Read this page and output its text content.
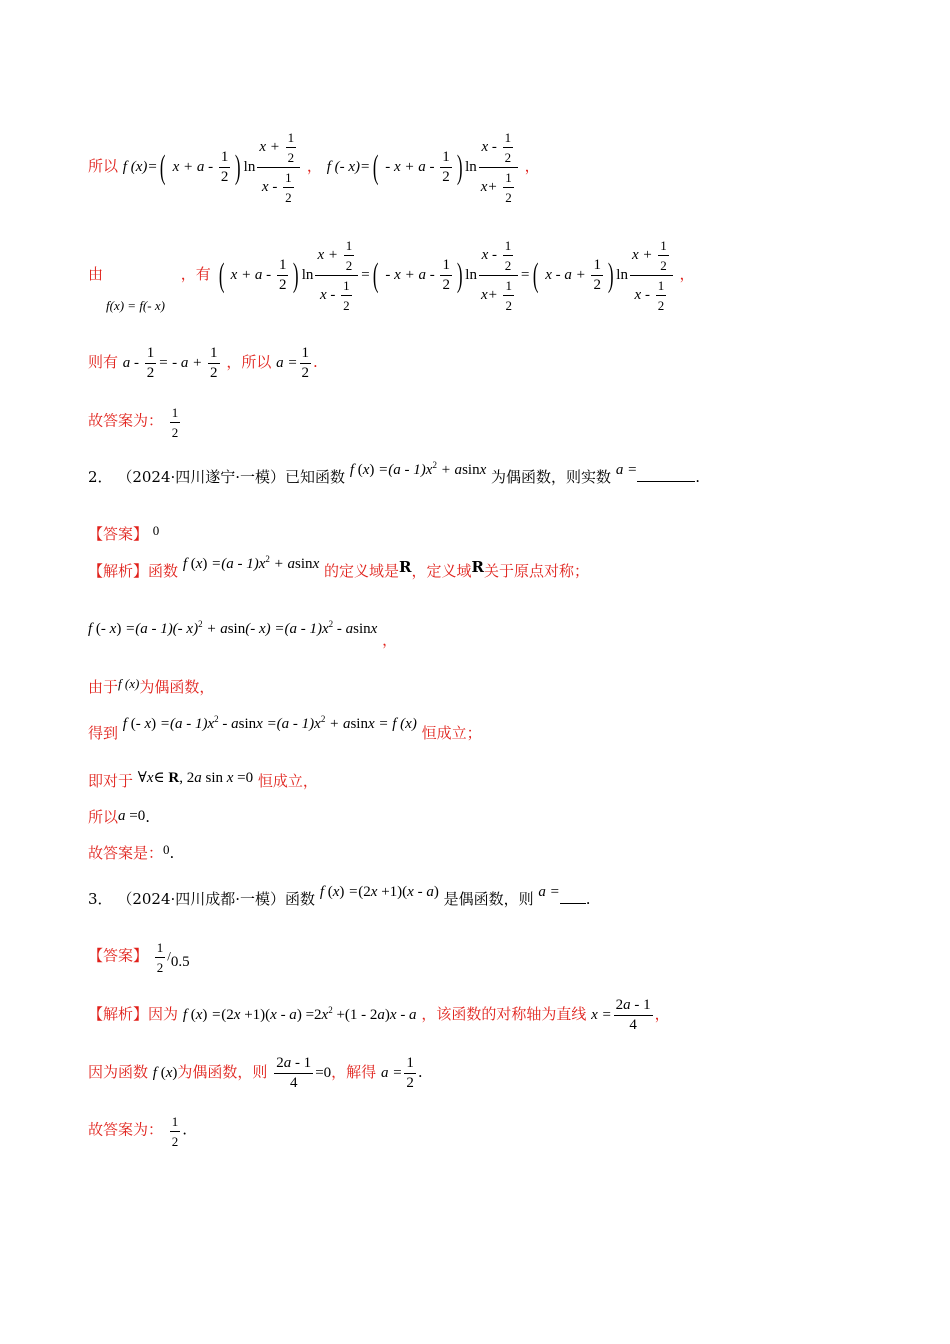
所以 f (x)=( $x + a - \frac{1}{2}$ ) $\ln \frac{x + \frac{1}{2}}{x - \frac{1}{2}}$ ， f (- $x)=( - x + a - \frac{1}{2}$ ) $\ln \frac{x - \frac{1}{2}}{x+ \frac{1}{2}}$ ，
由
f(x) = f(- x)
，有 ( $x + a - \frac{1}{2}$ ) $\ln \frac{x + \frac{1}{2}}{x - \frac{1}{2}}$ =( - $x + a - \frac{1}{2}$ ) $\ln \frac{x - \frac{1}{2}}{x+ \frac{1}{2}}$ =( $x - a + \frac{1}{2}$ ) $\ln \frac{x + \frac{1}{2}}{x - \frac{1}{2}}$ ，
则有 a - $\frac{1}{2}$ = - $a + \frac{1}{2}$ ，所以 $a = \frac{1}{2}$ .
故答案为： $\frac{1}{2}$
2． （2024·四川遂宁·一模）已知函数 f $(x) =(a - 1)x^2 + asinx$ 为偶函数，则实数 a =	.
【答案】 0
【解析】函数 f $(x) =(a - 1)x^2 + asinx$ 的定义域是R，定义域R关于原点对称；
f (- x) =(a - 1)(- x)$^2$ + asin(- $x) =(a - 1)x^2 - asinx$ ，
由于f (x)为偶函数，
得到 f (- $x) =(a - 1)x^2 - asinx =(a - 1)x^2 + asinx = f$ (x) 恒成立；
即对于 ∀x∈ R, 2a sin x =0 恒成立，
所以a =0.
故答案是：0.
3． （2024·四川成都·一模）函数 f (x) =(2x +1)(x - a) 是偶函数，则 a = .
【答案】 $\frac{1}{2} /0.5$
【解析】因为 f $(x) =(2x +1)(x - a) =2x^2 +(1 - 2a)x - a$ ，该函数的对称轴为直线 $x = \frac{2a - 1}{4}$ ，
因为函数 f (x)为偶函数，则 $\frac{2a - 1}{4} =0$，解得 $a = \frac{1}{2}$ .
故答案为： $\frac{1}{2}$ .
